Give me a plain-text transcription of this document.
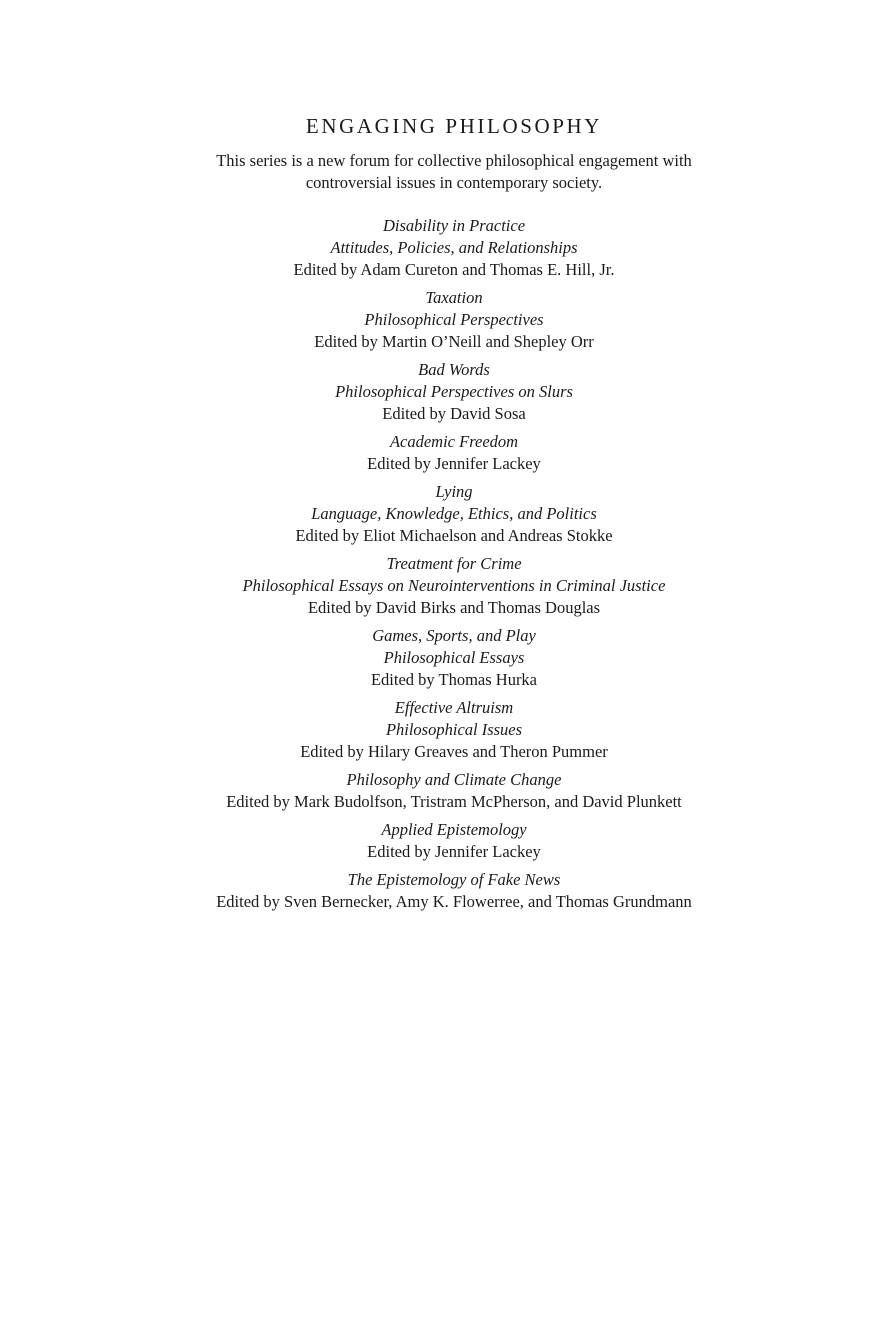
ENGAGING PHILOSOPHY

This series is a new forum for collective philosophical engagement with
controversial issues in contemporary society.

Disability in Practice
Attitudes, Policies, and Relationships
Edited by Adam Cureton and Thomas E. Hill, Jr.
Taxation
Philosophical Perspectives
Edited by Martin O’Neill and Shepley Orr
Bad Words
Philosophical Perspectives on Slurs
Edited by David Sosa
Academic Freedom
Edited by Jennifer Lackey
Lying
Language, Knowledge, Ethics, and Politics
Edited by Eliot Michaelson and Andreas Stokke
Treatment for Crime
Philosophical Essays on Neurointerventions in Criminal Justice
Edited by David Birks and Thomas Douglas
Games, Sports, and Play
Philosophical Essays
Edited by Thomas Hurka
Effective Altruism
Philosophical Issues
Edited by Hilary Greaves and Theron Pummer
Philosophy and Climate Change
Edited by Mark Budolfson, Tristram McPherson, and David Plunkett
Applied Epistemology
Edited by Jennifer Lackey
The Epistemology of Fake News
Edited by Sven Bernecker, Amy K. Flowerree, and Thomas Grundmann
